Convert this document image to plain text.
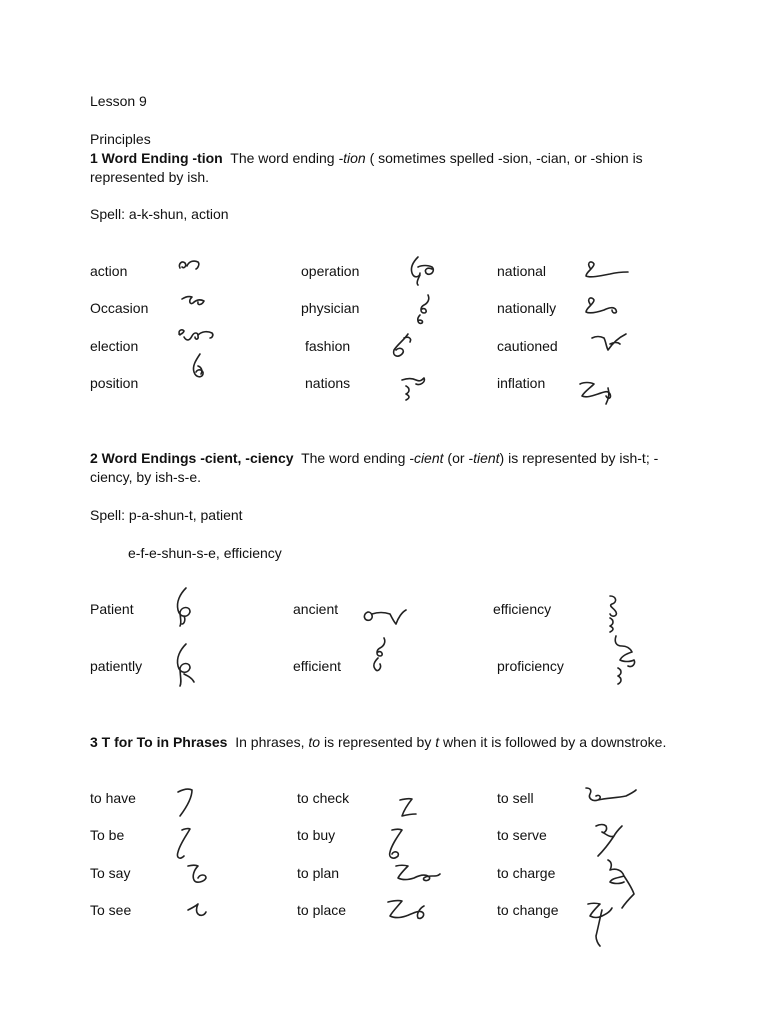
Lesson 9
Principles
1 Word Ending -tion The word ending -tion ( sometimes spelled -sion, -cian, or -shion is represented by ish.
Spell: a-k-shun, action
action
Occasion
election
position
operation
physician
fashion
nations
national
nationally
cautioned
inflation
2 Word Endings -cient, -ciency The word ending -cient (or -tient) is represented by ish-t; -ciency, by ish-s-e.
Spell: p-a-shun-t, patient
e-f-e-shun-s-e, efficiency
Patient
patiently
ancient
efficient
efficiency
proficiency
3 T for To in Phrases In phrases, to is represented by t when it is followed by a downstroke.
to have
To be
To say
To see
to check
to buy
to plan
to place
to sell
to serve
to charge
to change
